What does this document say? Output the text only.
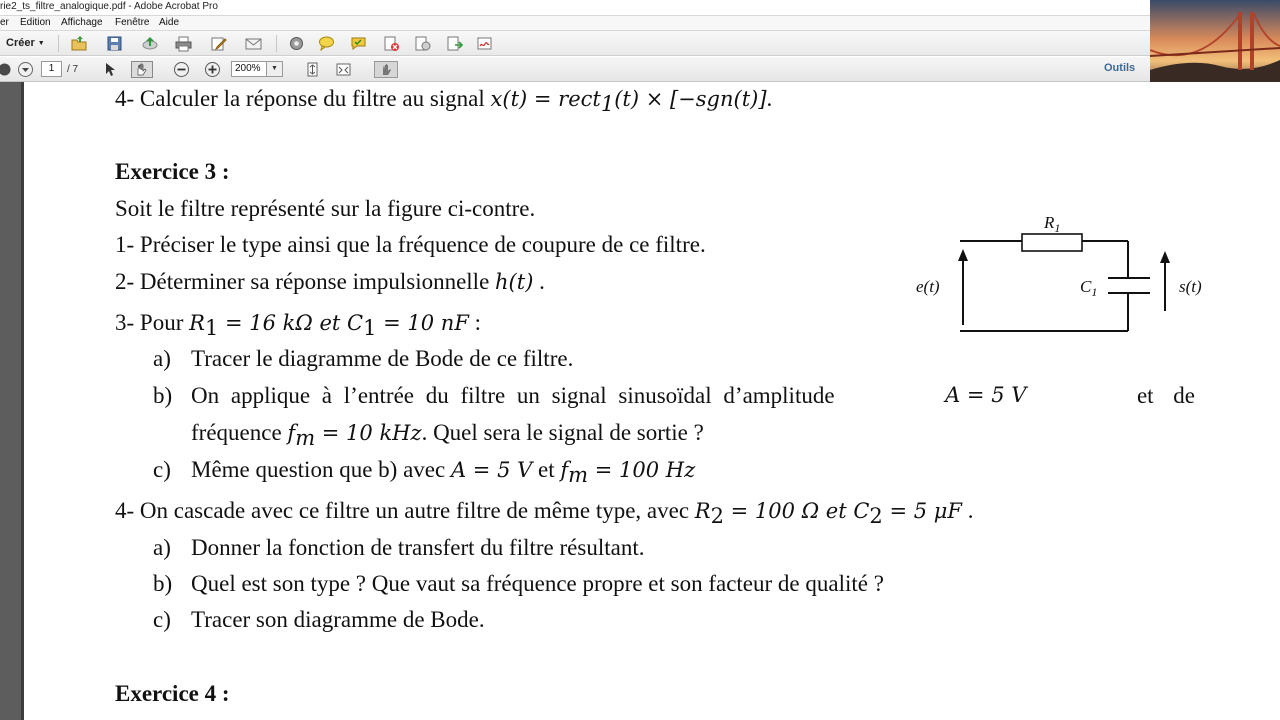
rie2_ts_filtre_analogique.pdf - Adobe Acrobat Pro
er Edition Affichage Fenêtre Aide
Créer ▼
1	/ 7	200%	▼	Outils
4- Calculer la réponse du filtre au signal x(t) = rect$_1$(t) × [−sgn(t)].
Exercice 3 :
Soit le filtre représenté sur la figure ci-contre.
1- Préciser le type ainsi que la fréquence de coupure de ce filtre.
2- Déterminer sa réponse impulsionnelle h(t) .
3- Pour $R_1 = 16$ kΩ et $C_1 = 10$ nF :
a) Tracer le diagramme de Bode de ce filtre.
b) On applique à l’entrée du filtre un signal sinusoïdal d’amplitude	A = 5 V	et de
fréquence $f_m = 10$ kHz. Quel sera le signal de sortie ?
c) Même question que b) avec A = 5 V et $f_m = 100$ Hz
4- On cascade avec ce filtre un autre filtre de même type, avec $R_2 = 100$ Ω et $C_2 = 5$ μF .
a) Donner la fonction de transfert du filtre résultant.
b) Quel est son type ? Que vaut sa fréquence propre et son facteur de qualité ?
c) Tracer son diagramme de Bode.
Exercice 4 :
$R_1$
$C_1$
e(t)	s(t)
